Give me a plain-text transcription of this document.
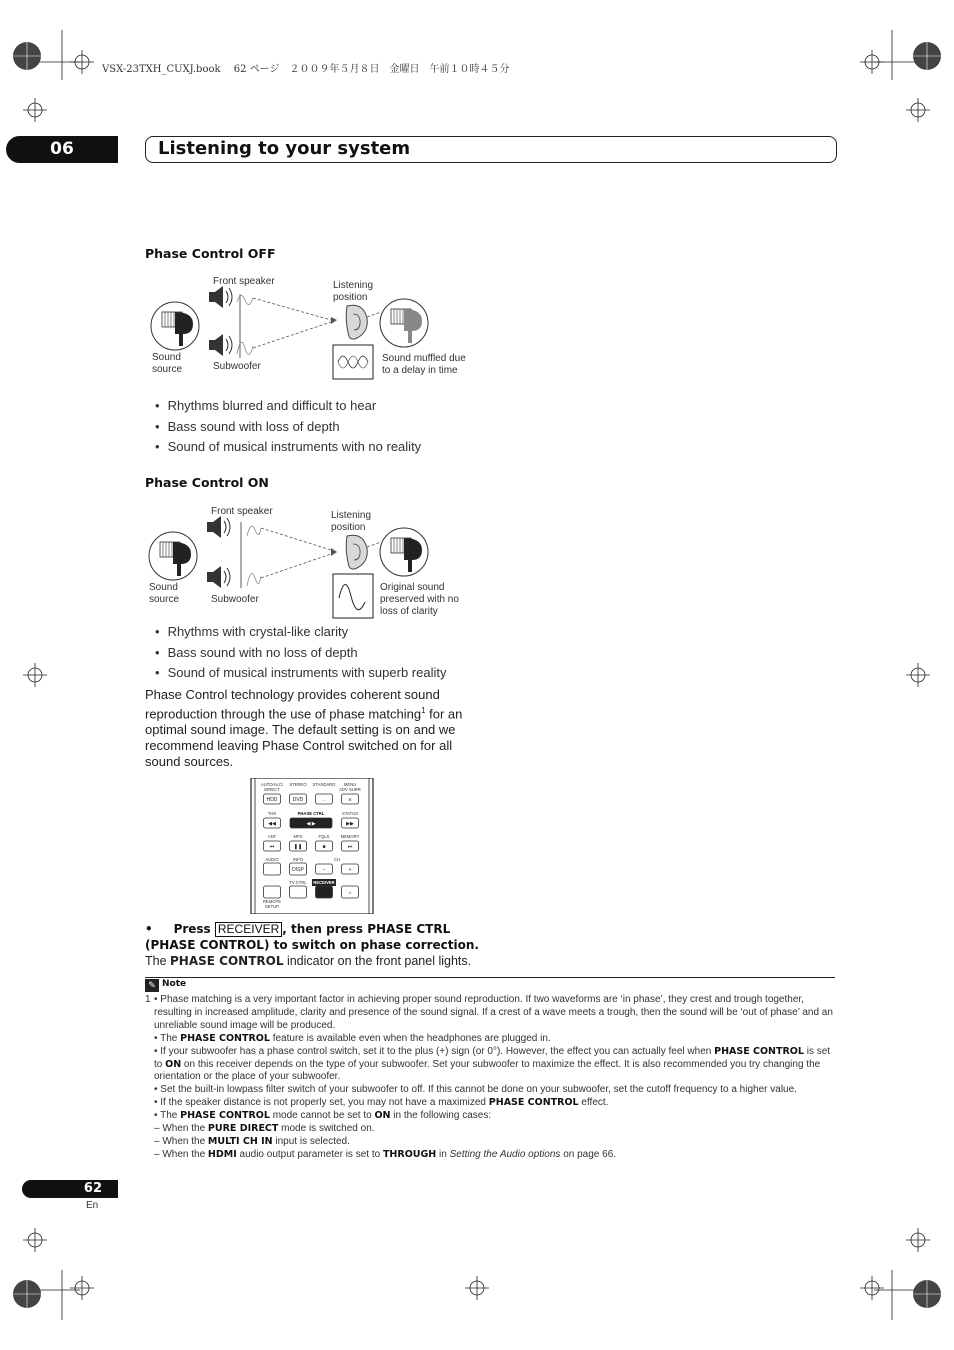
VSX-23TXH_CUXJ.book　 62 ページ　２００９年５月８日　金曜日　午前１０時４５分
06	Listening to your system
Phase Control OFF
Front speaker	Listening
position
Sound
source	Subwoofer
Sound muffled due
to a delay in time
• Rhythms blurred and difficult to hear
• Bass sound with loss of depth
• Sound of musical instruments with no reality
Phase Control ON
Front speaker	Listening
position
Sound
source	Subwoofer
Original sound
preserved with no
loss of clarity
• Rhythms with crystal-like clarity
• Bass sound with no loss of depth
• Sound of musical instruments with superb reality
Phase Control technology provides coherent sound reproduction through the use of phase matching$^1$ for an optimal sound image. The default setting is on and we recommend leaving Phase Control switched on for all sound sources.
AUTO/ALC/
DIRECT
STEREO STANDARD MENU
ADV SURR
HDD	DVD	←	⨯
THX	PHASE CTRL	STATUS
◀◀	◀ ▶	▶▶
ANT	MPX	FQLS	MEMORY
⏮	❚❚	■	⏭
AUDIO	INFO	CH
DISP	−	+
TV CTRL RECEIVER
☼
REMOTE
SETUP
• Press RECEIVER , then press PHASE CTRL (PHASE CONTROL) to switch on phase correction.
The PHASE CONTROL indicator on the front panel lights.
✎ Note

1 • Phase matching is a very important factor in achieving proper sound reproduction. If two waveforms are ‘in phase’, they crest and trough together, resulting in increased amplitude, clarity and presence of the sound signal. If a crest of a wave meets a trough, then the sound will be ‘out of phase’ and an unreliable sound image will be produced.

• The PHASE CONTROL feature is available even when the headphones are plugged in.

• If your subwoofer has a phase control switch, set it to the plus (+) sign (or 0°). However, the effect you can actually feel when PHASE CONTROL is set to ON on this receiver depends on the type of your subwoofer. Set your subwoofer to maximize the effect. It is also recommended you try changing the orientation or the place of your subwoofer.

• Set the built-in lowpass filter switch of your subwoofer to off. If this cannot be done on your subwoofer, set the cutoff frequency to a higher value.

• If the speaker distance is not properly set, you may not have a maximized PHASE CONTROL effect.

• The PHASE CONTROL mode cannot be set to ON in the following cases:

– When the PURE DIRECT mode is switched on.

– When the MULTI CH IN input is selected.

– When the HDMI audio output parameter is set to THROUGH in Setting the Audio options on page 66.

62
En
